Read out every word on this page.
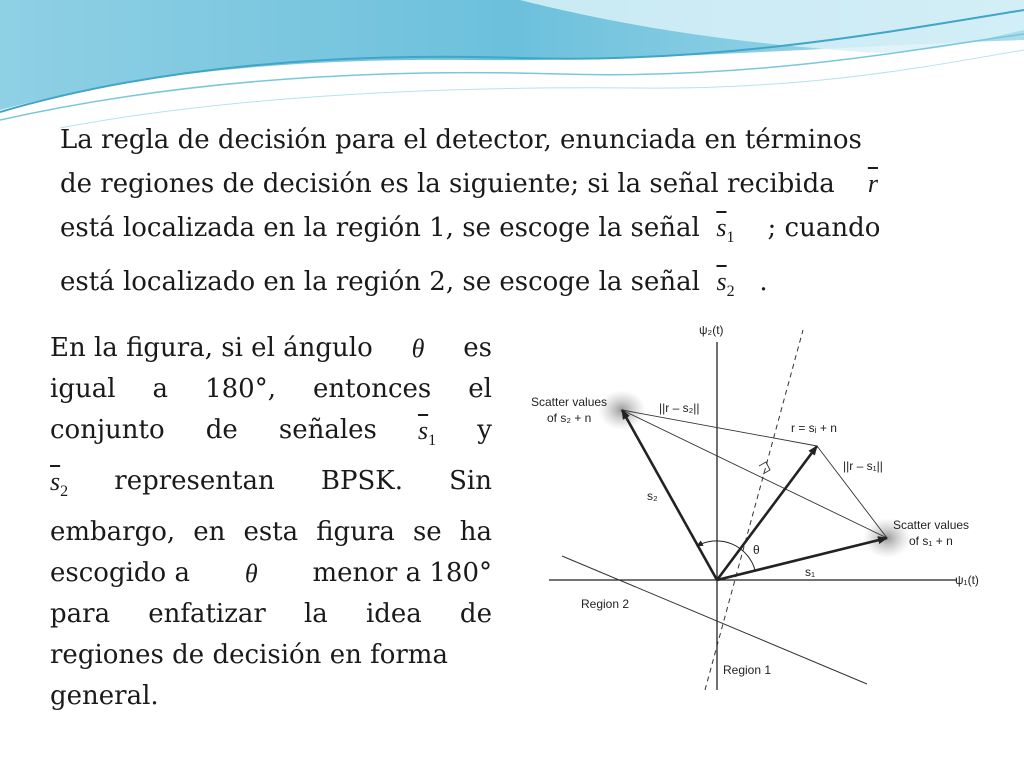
La regla de decisión para el detector, enunciada en términos
de regiones de decisión es la siguiente; si la señal recibida $\overline{r}$
está localizada en la región 1, se escoge la señal $\overline{s}_1$ ; cuando
está localizado en la región 2, se escoge la señal $\overline{s}_2$ .
En la figura, si el ángulo θ es
igual a 180°, entonces el
conjunto de señales $\overline{s}_1$ y
$\overline{s}_2$ representan BPSK. Sin
embargo, en esta figura se ha
escogido a θ menor a 180°
para enfatizar la idea de
regiones de decisión en forma
general.
ψ₂(t)
ψ₁(t)
Scatter values
of s₂ + n
Scatter values
of s₁ + n
||r – s₂||
r = sᵢ + n
||r – s₁||
s₂
θ
s₁
Region 2
Region 1
